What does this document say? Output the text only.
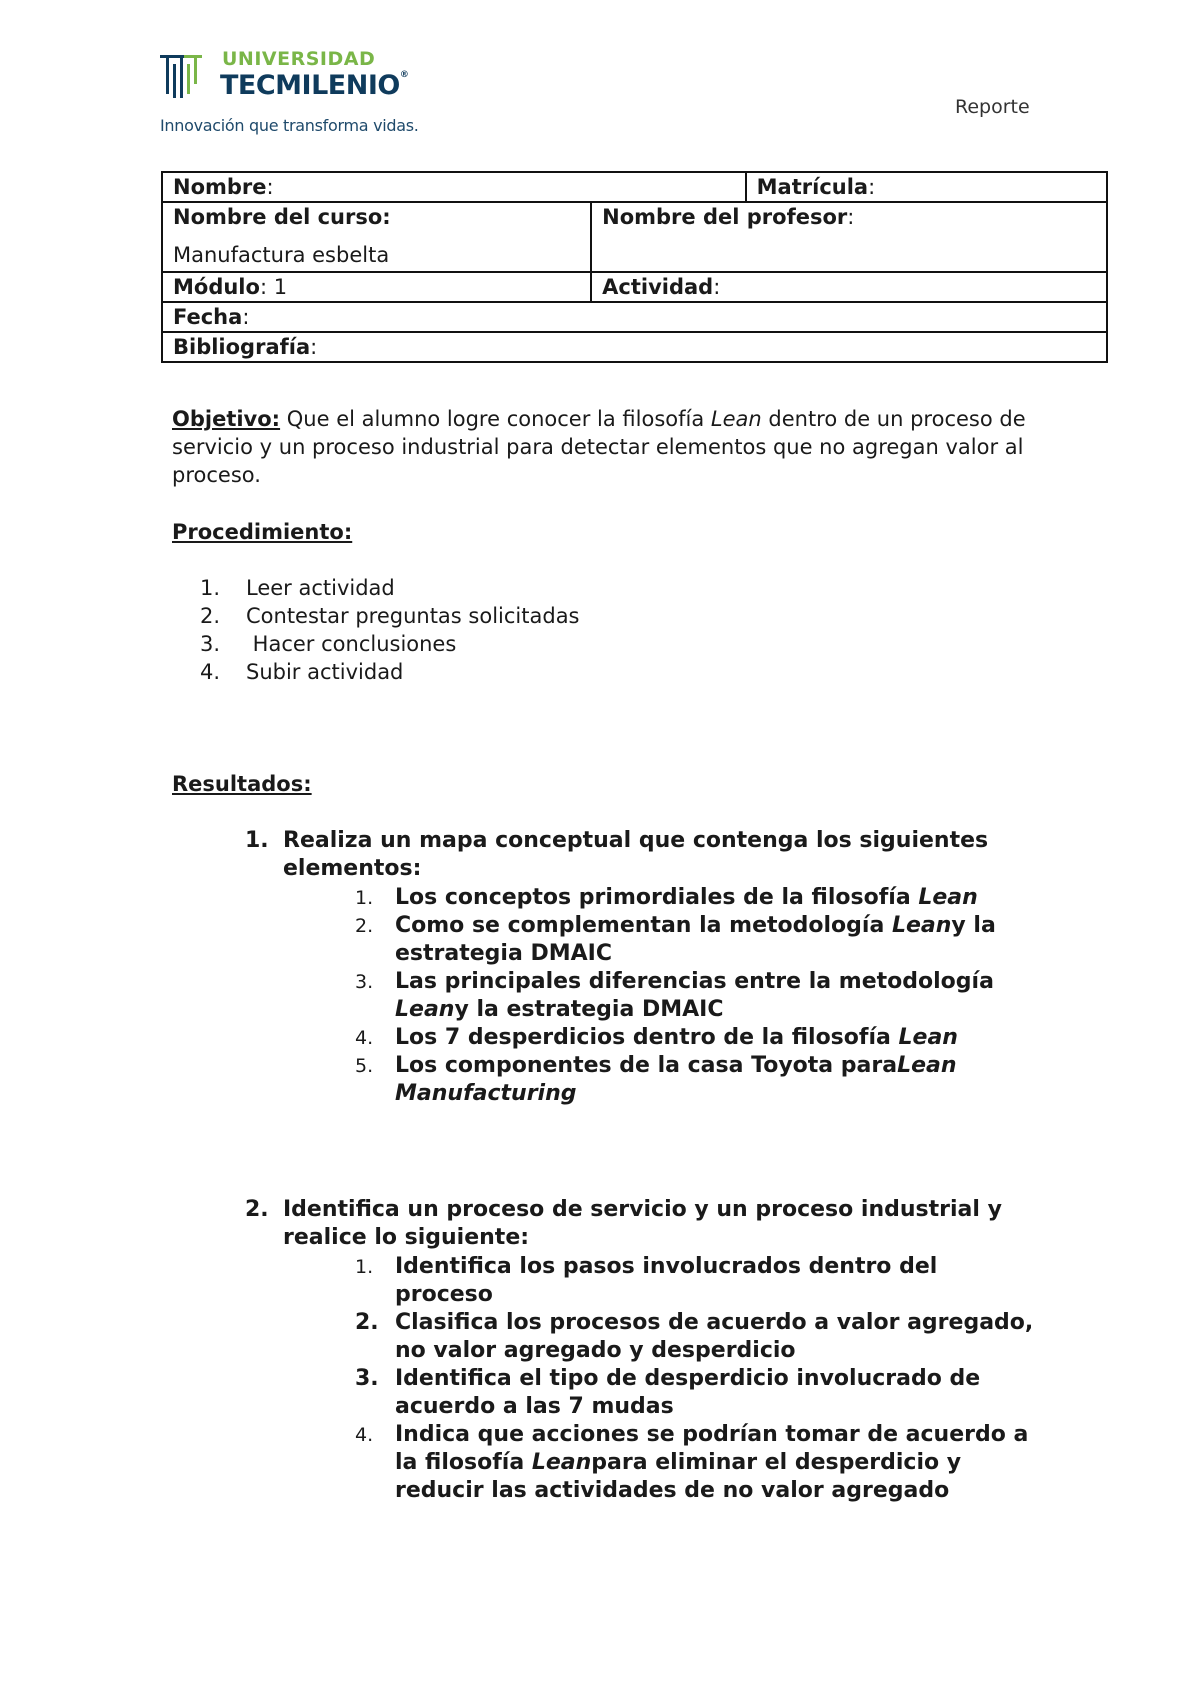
UNIVERSIDAD
TECMILENIO®
Innovación que transforma vidas.
Reporte
Nombre:		Matrícula:
Nombre del curso:
Manufactura esbelta	Nombre del profesor:	
Módulo: 1	Actividad:	
Fecha:		
Bibliografía:		
Objetivo: Que el alumno logre conocer la filosofía Lean dentro de un proceso de servicio y un proceso industrial para detectar elementos que no agregan valor al proceso.
Procedimiento:
1.	Leer actividad
2.	Contestar preguntas solicitadas
3.	Hacer conclusiones
4.	Subir actividad
Resultados:
1. Realiza un mapa conceptual que contenga los siguientes elementos:
1. Los conceptos primordiales de la filosofía Lean
2. Como se complementan la metodología Leany la estrategia DMAIC
3. Las principales diferencias entre la metodología Leany la estrategia DMAIC
4. Los 7 desperdicios dentro de la filosofía Lean
5. Los componentes de la casa Toyota paraLean Manufacturing
2. Identifica un proceso de servicio y un proceso industrial y realice lo siguiente:
1. Identifica los pasos involucrados dentro del proceso
2. Clasifica los procesos de acuerdo a valor agregado, no valor agregado y desperdicio
3. Identifica el tipo de desperdicio involucrado de acuerdo a las 7 mudas
4. Indica que acciones se podrían tomar de acuerdo a la filosofía Leanpara eliminar el desperdicio y reducir las actividades de no valor agregado
